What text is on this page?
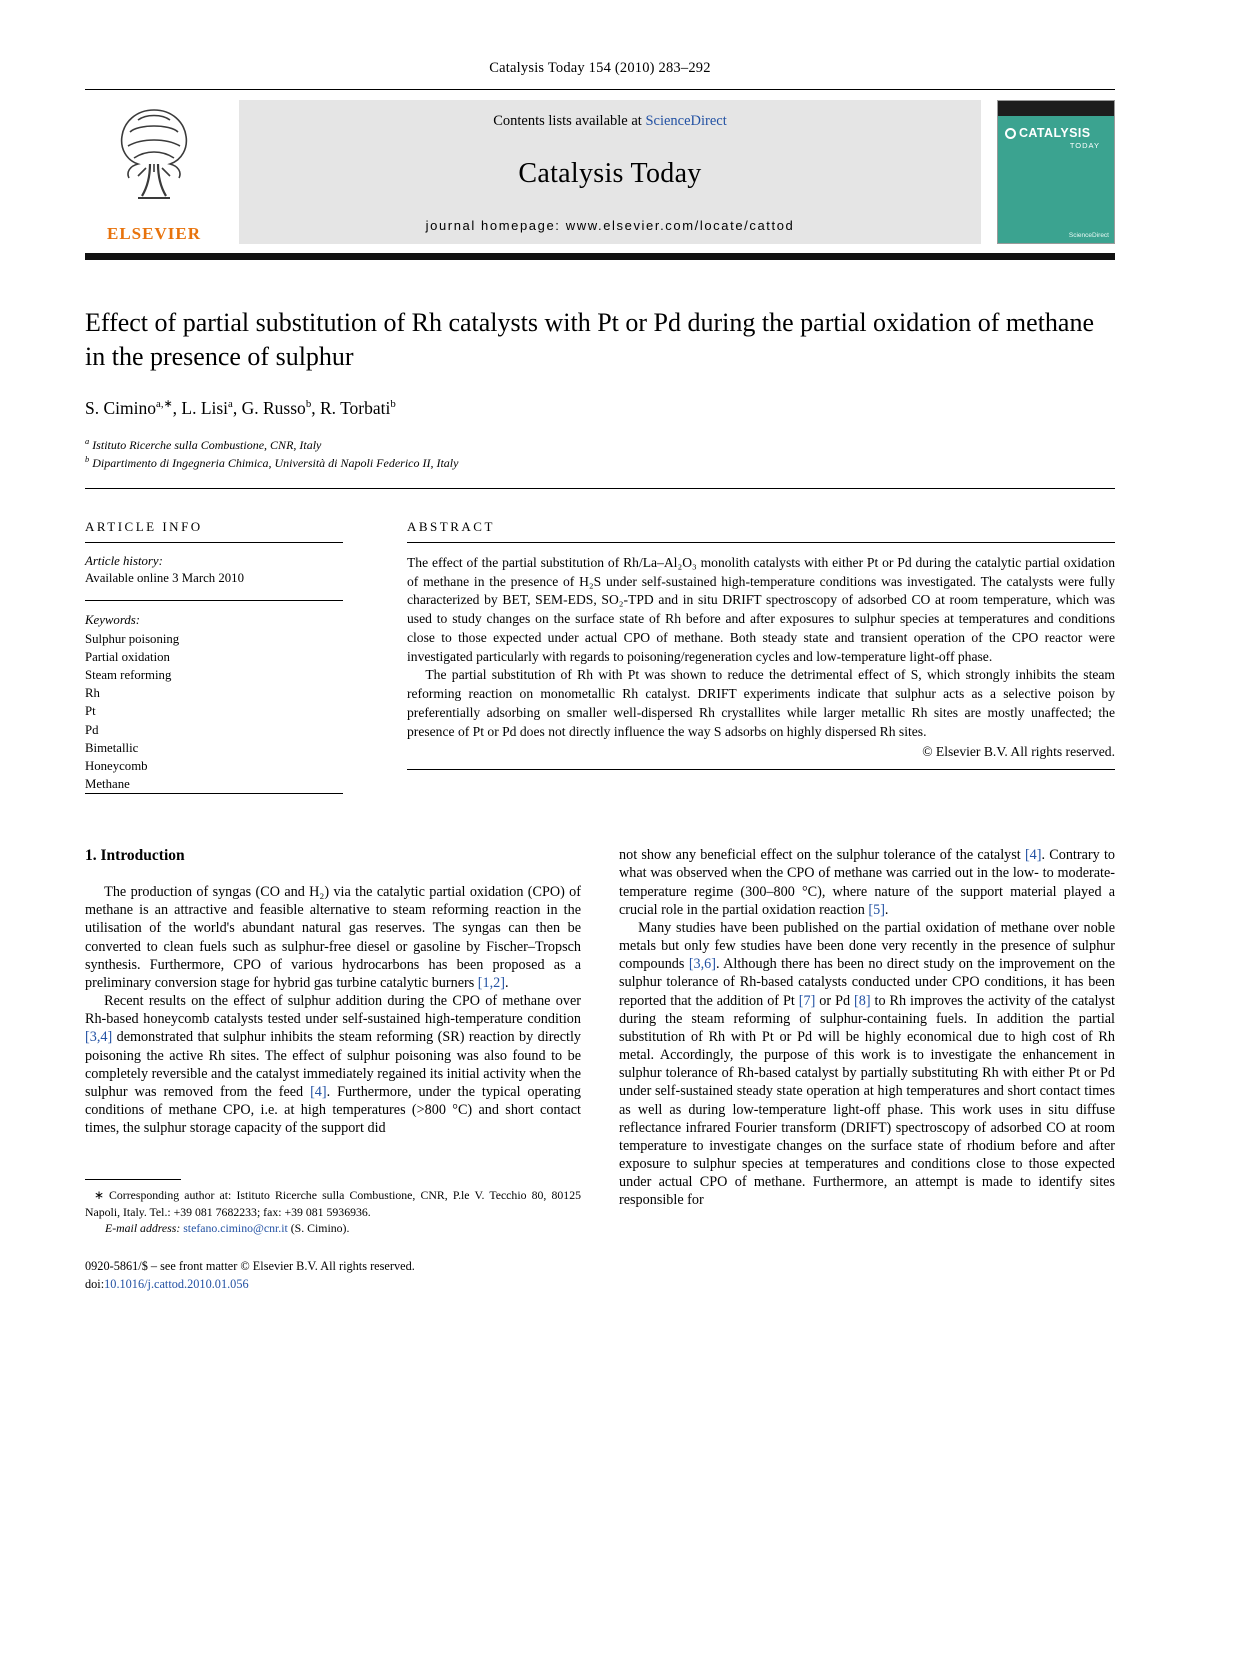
Catalysis Today 154 (2010) 283–292
ELSEVIER
Contents lists available at ScienceDirect
Catalysis Today
journal homepage: www.elsevier.com/locate/cattod
CATALYSIS
TODAY
ScienceDirect
Effect of partial substitution of Rh catalysts with Pt or Pd during the partial oxidation of methane in the presence of sulphur
S. Cimino$^{a,∗}$, L. Lisi$^a$, G. Russo$^b$, R. Torbati$^b$
$^a$ Istituto Ricerche sulla Combustione, CNR, Italy
$^b$ Dipartimento di Ingegneria Chimica, Università di Napoli Federico II, Italy
ARTICLE INFO
Article history:
Available online 3 March 2010
Keywords:
Sulphur poisoning
Partial oxidation
Steam reforming
Rh
Pt
Pd
Bimetallic
Honeycomb
Methane
ABSTRACT

The effect of the partial substitution of Rh/La–Al₂O₃ monolith catalysts with either Pt or Pd during the catalytic partial oxidation of methane in the presence of H₂S under self-sustained high-temperature conditions was investigated. The catalysts were fully characterized by BET, SEM-EDS, SO₂-TPD and in situ DRIFT spectroscopy of adsorbed CO at room temperature, which was used to study changes on the surface state of Rh before and after exposures to sulphur species at temperatures and conditions close to those expected under actual CPO of methane. Both steady state and transient operation of the CPO reactor were investigated particularly with regards to poisoning/regeneration cycles and low-temperature light-off phase.

The partial substitution of Rh with Pt was shown to reduce the detrimental effect of S, which strongly inhibits the steam reforming reaction on monometallic Rh catalyst. DRIFT experiments indicate that sulphur acts as a selective poison by preferentially adsorbing on smaller well-dispersed Rh crystallites while larger metallic Rh sites are mostly unaffected; the presence of Pt or Pd does not directly influence the way S adsorbs on highly dispersed Rh sites.

© Elsevier B.V. All rights reserved.
1. Introduction

The production of syngas (CO and H₂) via the catalytic partial oxidation (CPO) of methane is an attractive and feasible alternative to steam reforming reaction in the utilisation of the world's abundant natural gas reserves. The syngas can then be converted to clean fuels such as sulphur-free diesel or gasoline by Fischer–Tropsch synthesis. Furthermore, CPO of various hydrocarbons has been proposed as a preliminary conversion stage for hybrid gas turbine catalytic burners [1,2].

Recent results on the effect of sulphur addition during the CPO of methane over Rh-based honeycomb catalysts tested under self-sustained high-temperature condition [3,4] demonstrated that sulphur inhibits the steam reforming (SR) reaction by directly poisoning the active Rh sites. The effect of sulphur poisoning was also found to be completely reversible and the catalyst immediately regained its initial activity when the sulphur was removed from the feed [4]. Furthermore, under the typical operating conditions of methane CPO, i.e. at high temperatures (>800 °C) and short contact times, the sulphur storage capacity of the support did

∗ Corresponding author at: Istituto Ricerche sulla Combustione, CNR, P.le V. Tecchio 80, 80125 Napoli, Italy. Tel.: +39 081 7682233; fax: +39 081 5936936.

E-mail address: stefano.cimino@cnr.it (S. Cimino).

0920-5861/$ – see front matter © Elsevier B.V. All rights reserved.
doi:10.1016/j.cattod.2010.01.056

not show any beneficial effect on the sulphur tolerance of the catalyst [4]. Contrary to what was observed when the CPO of methane was carried out in the low- to moderate-temperature regime (300–800 °C), where nature of the support material played a crucial role in the partial oxidation reaction [5].

Many studies have been published on the partial oxidation of methane over noble metals but only few studies have been done very recently in the presence of sulphur compounds [3,6]. Although there has been no direct study on the improvement on the sulphur tolerance of Rh-based catalysts conducted under CPO conditions, it has been reported that the addition of Pt [7] or Pd [8] to Rh improves the activity of the catalyst during the steam reforming of sulphur-containing fuels. In addition the partial substitution of Rh with Pt or Pd will be highly economical due to high cost of Rh metal. Accordingly, the purpose of this work is to investigate the enhancement in sulphur tolerance of Rh-based catalyst by partially substituting Rh with either Pt or Pd under self-sustained steady state operation at high temperatures and short contact times as well as during low-temperature light-off phase. This work uses in situ diffuse reflectance infrared Fourier transform (DRIFT) spectroscopy of adsorbed CO at room temperature to investigate changes on the surface state of rhodium before and after exposure to sulphur species at temperatures and conditions close to those expected under actual CPO of methane. Furthermore, an attempt is made to identify sites responsible for
